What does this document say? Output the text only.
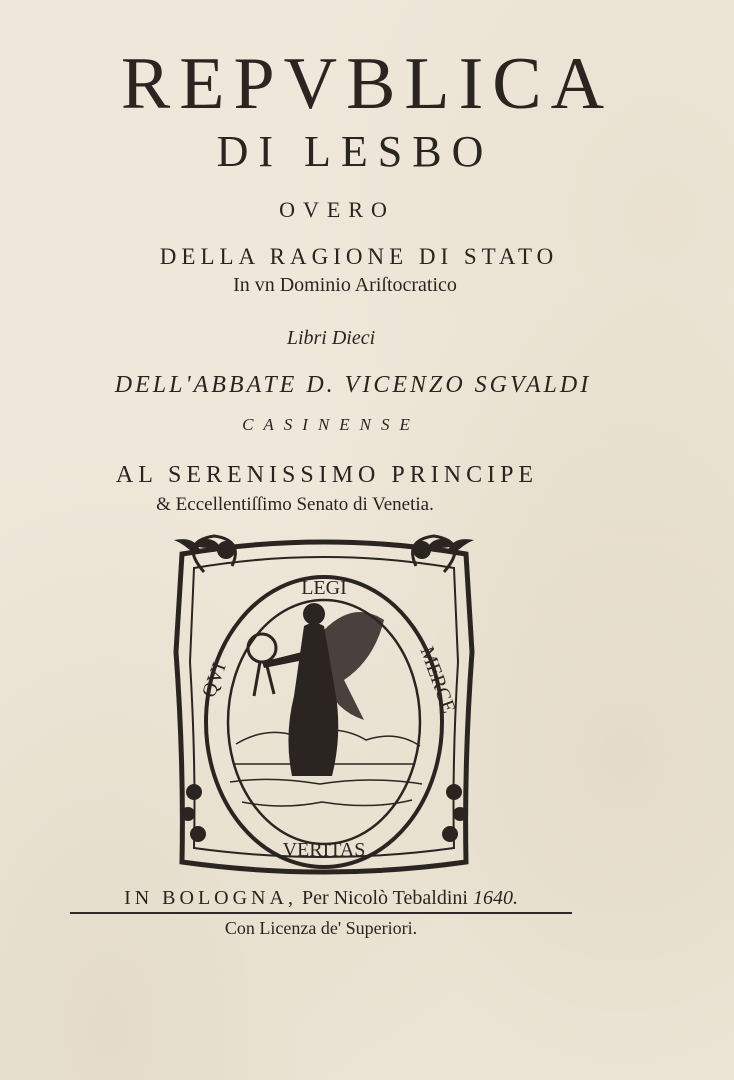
REPVBLICA
DI LESBO
OVERO
DELLA RAGIONE DI STATO
In vn Dominio Ariſtocratico
Libri Dieci
DELL'ABBATE D. VICENZO SGVALDI
CASINENSE
AL SERENISSIMO PRINCIPE
& Eccellentiſſimo Senato di Venetia.
LEGI
QVI	MERCE
VERITAS
IN BOLOGNA, Per Nicolò Tebaldini 1640.
Con Licenza de' Superiori.
